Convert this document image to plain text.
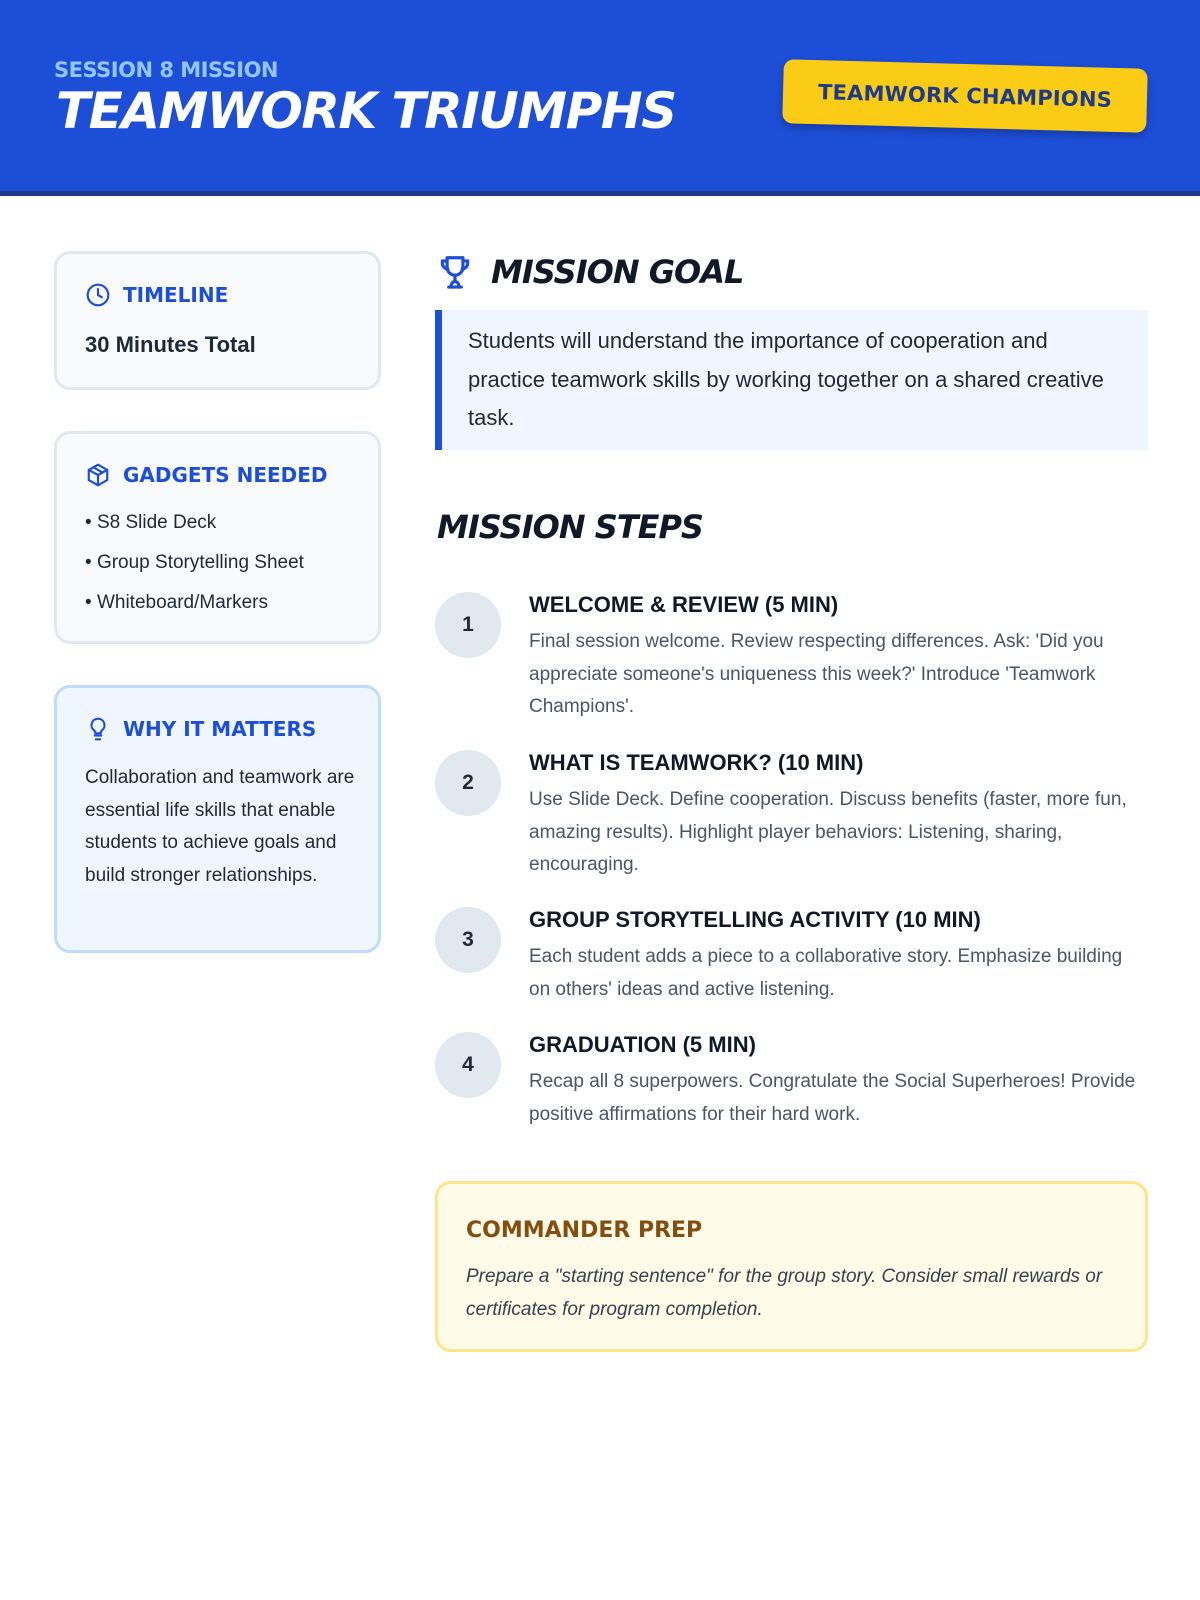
SESSION 8 MISSION
TEAMWORK TRIUMPHS	TEAMWORK CHAMPIONS
TIMELINE
30 Minutes Total
GADGETS NEEDED
• S8 Slide Deck
• Group Storytelling Sheet
• Whiteboard/Markers
WHY IT MATTERS
Collaboration and teamwork are essential life skills that enable students to achieve goals and build stronger relationships.
MISSION GOAL
Students will understand the importance of cooperation and practice teamwork skills by working together on a shared creative task.
MISSION STEPS
1
WELCOME & REVIEW (5 MIN)
Final session welcome. Review respecting differences. Ask: 'Did you appreciate someone's uniqueness this week?' Introduce 'Teamwork Champions'.
2
WHAT IS TEAMWORK? (10 MIN)
Use Slide Deck. Define cooperation. Discuss benefits (faster, more fun, amazing results). Highlight player behaviors: Listening, sharing, encouraging.
3
GROUP STORYTELLING ACTIVITY (10 MIN)
Each student adds a piece to a collaborative story. Emphasize building on others' ideas and active listening.
4
GRADUATION (5 MIN)
Recap all 8 superpowers. Congratulate the Social Superheroes! Provide positive affirmations for their hard work.
COMMANDER PREP
Prepare a "starting sentence" for the group story. Consider small rewards or certificates for program completion.
